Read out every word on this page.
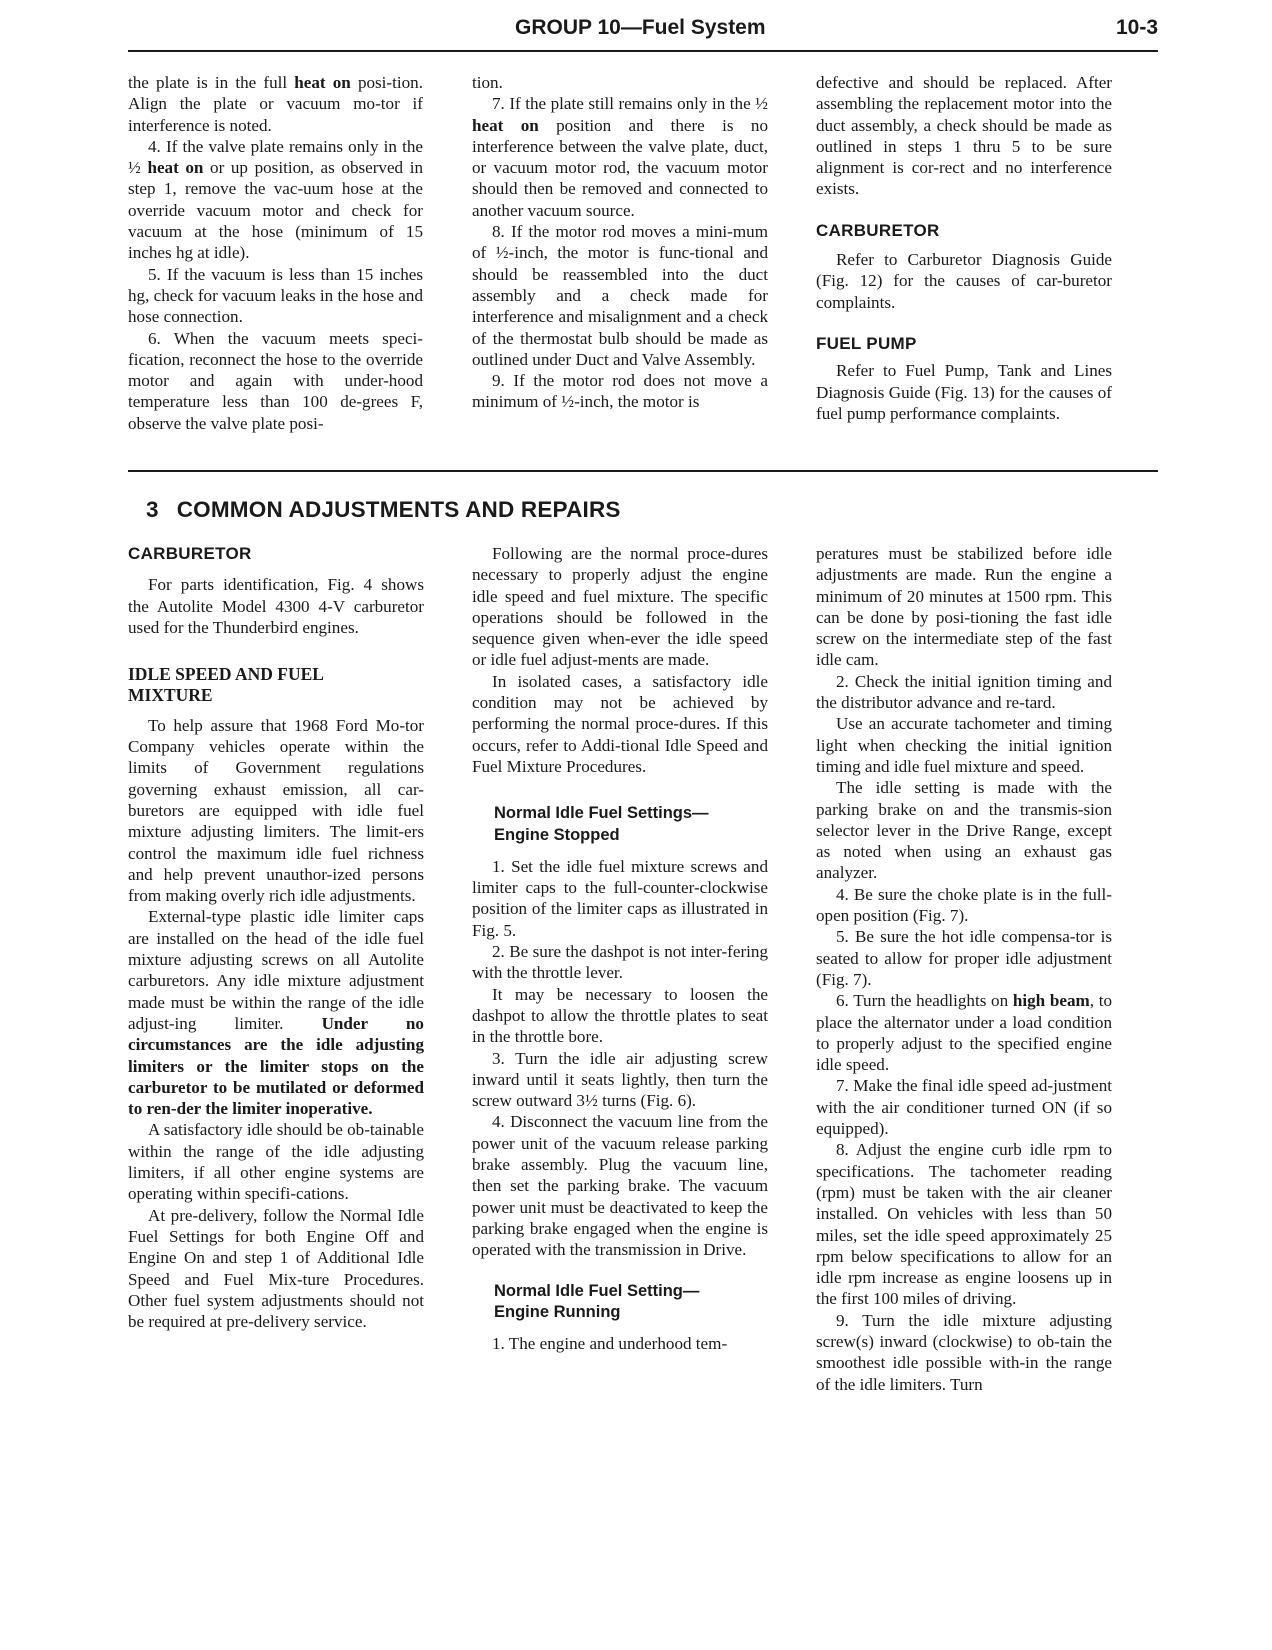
GROUP 10—Fuel System	10-3

the plate is in the full heat on posi-tion. Align the plate or vacuum mo-tor if interference is noted.

4. If the valve plate remains only in the ½ heat on or up position, as observed in step 1, remove the vac-uum hose at the override vacuum motor and check for vacuum at the hose (minimum of 15 inches hg at idle).

5. If the vacuum is less than 15 inches hg, check for vacuum leaks in the hose and hose connection.

6. When the vacuum meets speci-fication, reconnect the hose to the override motor and again with under-hood temperature less than 100 de-grees F, observe the valve plate posi-

tion.

7. If the plate still remains only in the ½ heat on position and there is no interference between the valve plate, duct, or vacuum motor rod, the vacuum motor should then be removed and connected to another vacuum source.

8. If the motor rod moves a mini-mum of ½-inch, the motor is func-tional and should be reassembled into the duct assembly and a check made for interference and misalignment and a check of the thermostat bulb should be made as outlined under Duct and Valve Assembly.

9. If the motor rod does not move a minimum of ½-inch, the motor is

defective and should be replaced. After assembling the replacement motor into the duct assembly, a check should be made as outlined in steps 1 thru 5 to be sure alignment is cor-rect and no interference exists.

CARBURETOR

Refer to Carburetor Diagnosis Guide (Fig. 12) for the causes of car-buretor complaints.

FUEL PUMP

Refer to Fuel Pump, Tank and Lines Diagnosis Guide (Fig. 13) for the causes of fuel pump performance complaints.

3 COMMON ADJUSTMENTS AND REPAIRS
CARBURETOR

For parts identification, Fig. 4 shows the Autolite Model 4300 4-V carburetor used for the Thunderbird engines.

IDLE SPEED AND FUEL MIXTURE

To help assure that 1968 Ford Mo-tor Company vehicles operate within the limits of Government regulations governing exhaust emission, all car-buretors are equipped with idle fuel mixture adjusting limiters. The limit-ers control the maximum idle fuel richness and help prevent unauthor-ized persons from making overly rich idle adjustments.

External-type plastic idle limiter caps are installed on the head of the idle fuel mixture adjusting screws on all Autolite carburetors. Any idle mixture adjustment made must be within the range of the idle adjust-ing limiter. Under no circumstances are the idle adjusting limiters or the limiter stops on the carburetor to be mutilated or deformed to ren-der the limiter inoperative.

A satisfactory idle should be ob-tainable within the range of the idle adjusting limiters, if all other engine systems are operating within specifi-cations.

At pre-delivery, follow the Normal Idle Fuel Settings for both Engine Off and Engine On and step 1 of Additional Idle Speed and Fuel Mix-ture Procedures. Other fuel system adjustments should not be required at pre-delivery service.

Following are the normal proce-dures necessary to properly adjust the engine idle speed and fuel mixture. The specific operations should be followed in the sequence given when-ever the idle speed or idle fuel adjust-ments are made.

In isolated cases, a satisfactory idle condition may not be achieved by performing the normal proce-dures. If this occurs, refer to Addi-tional Idle Speed and Fuel Mixture Procedures.

Normal Idle Fuel Settings— Engine Stopped

1. Set the idle fuel mixture screws and limiter caps to the full-counter-clockwise position of the limiter caps as illustrated in Fig. 5.

2. Be sure the dashpot is not inter-fering with the throttle lever.

It may be necessary to loosen the dashpot to allow the throttle plates to seat in the throttle bore.

3. Turn the idle air adjusting screw inward until it seats lightly, then turn the screw outward 3½ turns (Fig. 6).

4. Disconnect the vacuum line from the power unit of the vacuum release parking brake assembly. Plug the vacuum line, then set the parking brake. The vacuum power unit must be deactivated to keep the parking brake engaged when the engine is operated with the transmission in Drive.

Normal Idle Fuel Setting— Engine Running

1. The engine and underhood tem-

peratures must be stabilized before idle adjustments are made. Run the engine a minimum of 20 minutes at 1500 rpm. This can be done by posi-tioning the fast idle screw on the intermediate step of the fast idle cam.

2. Check the initial ignition timing and the distributor advance and re-tard.

Use an accurate tachometer and timing light when checking the initial ignition timing and idle fuel mixture and speed.

The idle setting is made with the parking brake on and the transmis-sion selector lever in the Drive Range, except as noted when using an exhaust gas analyzer.

4. Be sure the choke plate is in the full-open position (Fig. 7).

5. Be sure the hot idle compensa-tor is seated to allow for proper idle adjustment (Fig. 7).

6. Turn the headlights on high beam, to place the alternator under a load condition to properly adjust to the specified engine idle speed.

7. Make the final idle speed ad-justment with the air conditioner turned ON (if so equipped).

8. Adjust the engine curb idle rpm to specifications. The tachometer reading (rpm) must be taken with the air cleaner installed. On vehicles with less than 50 miles, set the idle speed approximately 25 rpm below specifications to allow for an idle rpm increase as engine loosens up in the first 100 miles of driving.

9. Turn the idle mixture adjusting screw(s) inward (clockwise) to ob-tain the smoothest idle possible with-in the range of the idle limiters. Turn
